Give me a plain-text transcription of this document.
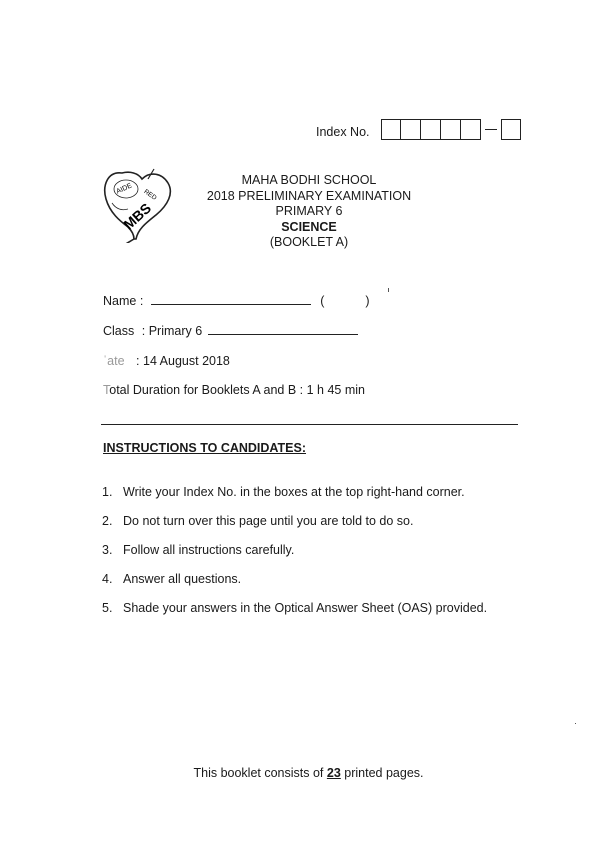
Index No.
AIDE RED
MBS
MAHA BODHI SCHOOL
2018 PRELIMINARY EXAMINATION
PRIMARY 6
SCIENCE
(BOOKLET A)
Name :	(	)
Class : Primary 6
ˈate : 14 August 2018
Total Duration for Booklets A and B : 1 h 45 min
INSTRUCTIONS TO CANDIDATES:
1. Write your Index No. in the boxes at the top right-hand corner.
2. Do not turn over this page until you are told to do so.
3. Follow all instructions carefully.
4. Answer all questions.
5. Shade your answers in the Optical Answer Sheet (OAS) provided.
This booklet consists of 23 printed pages.
